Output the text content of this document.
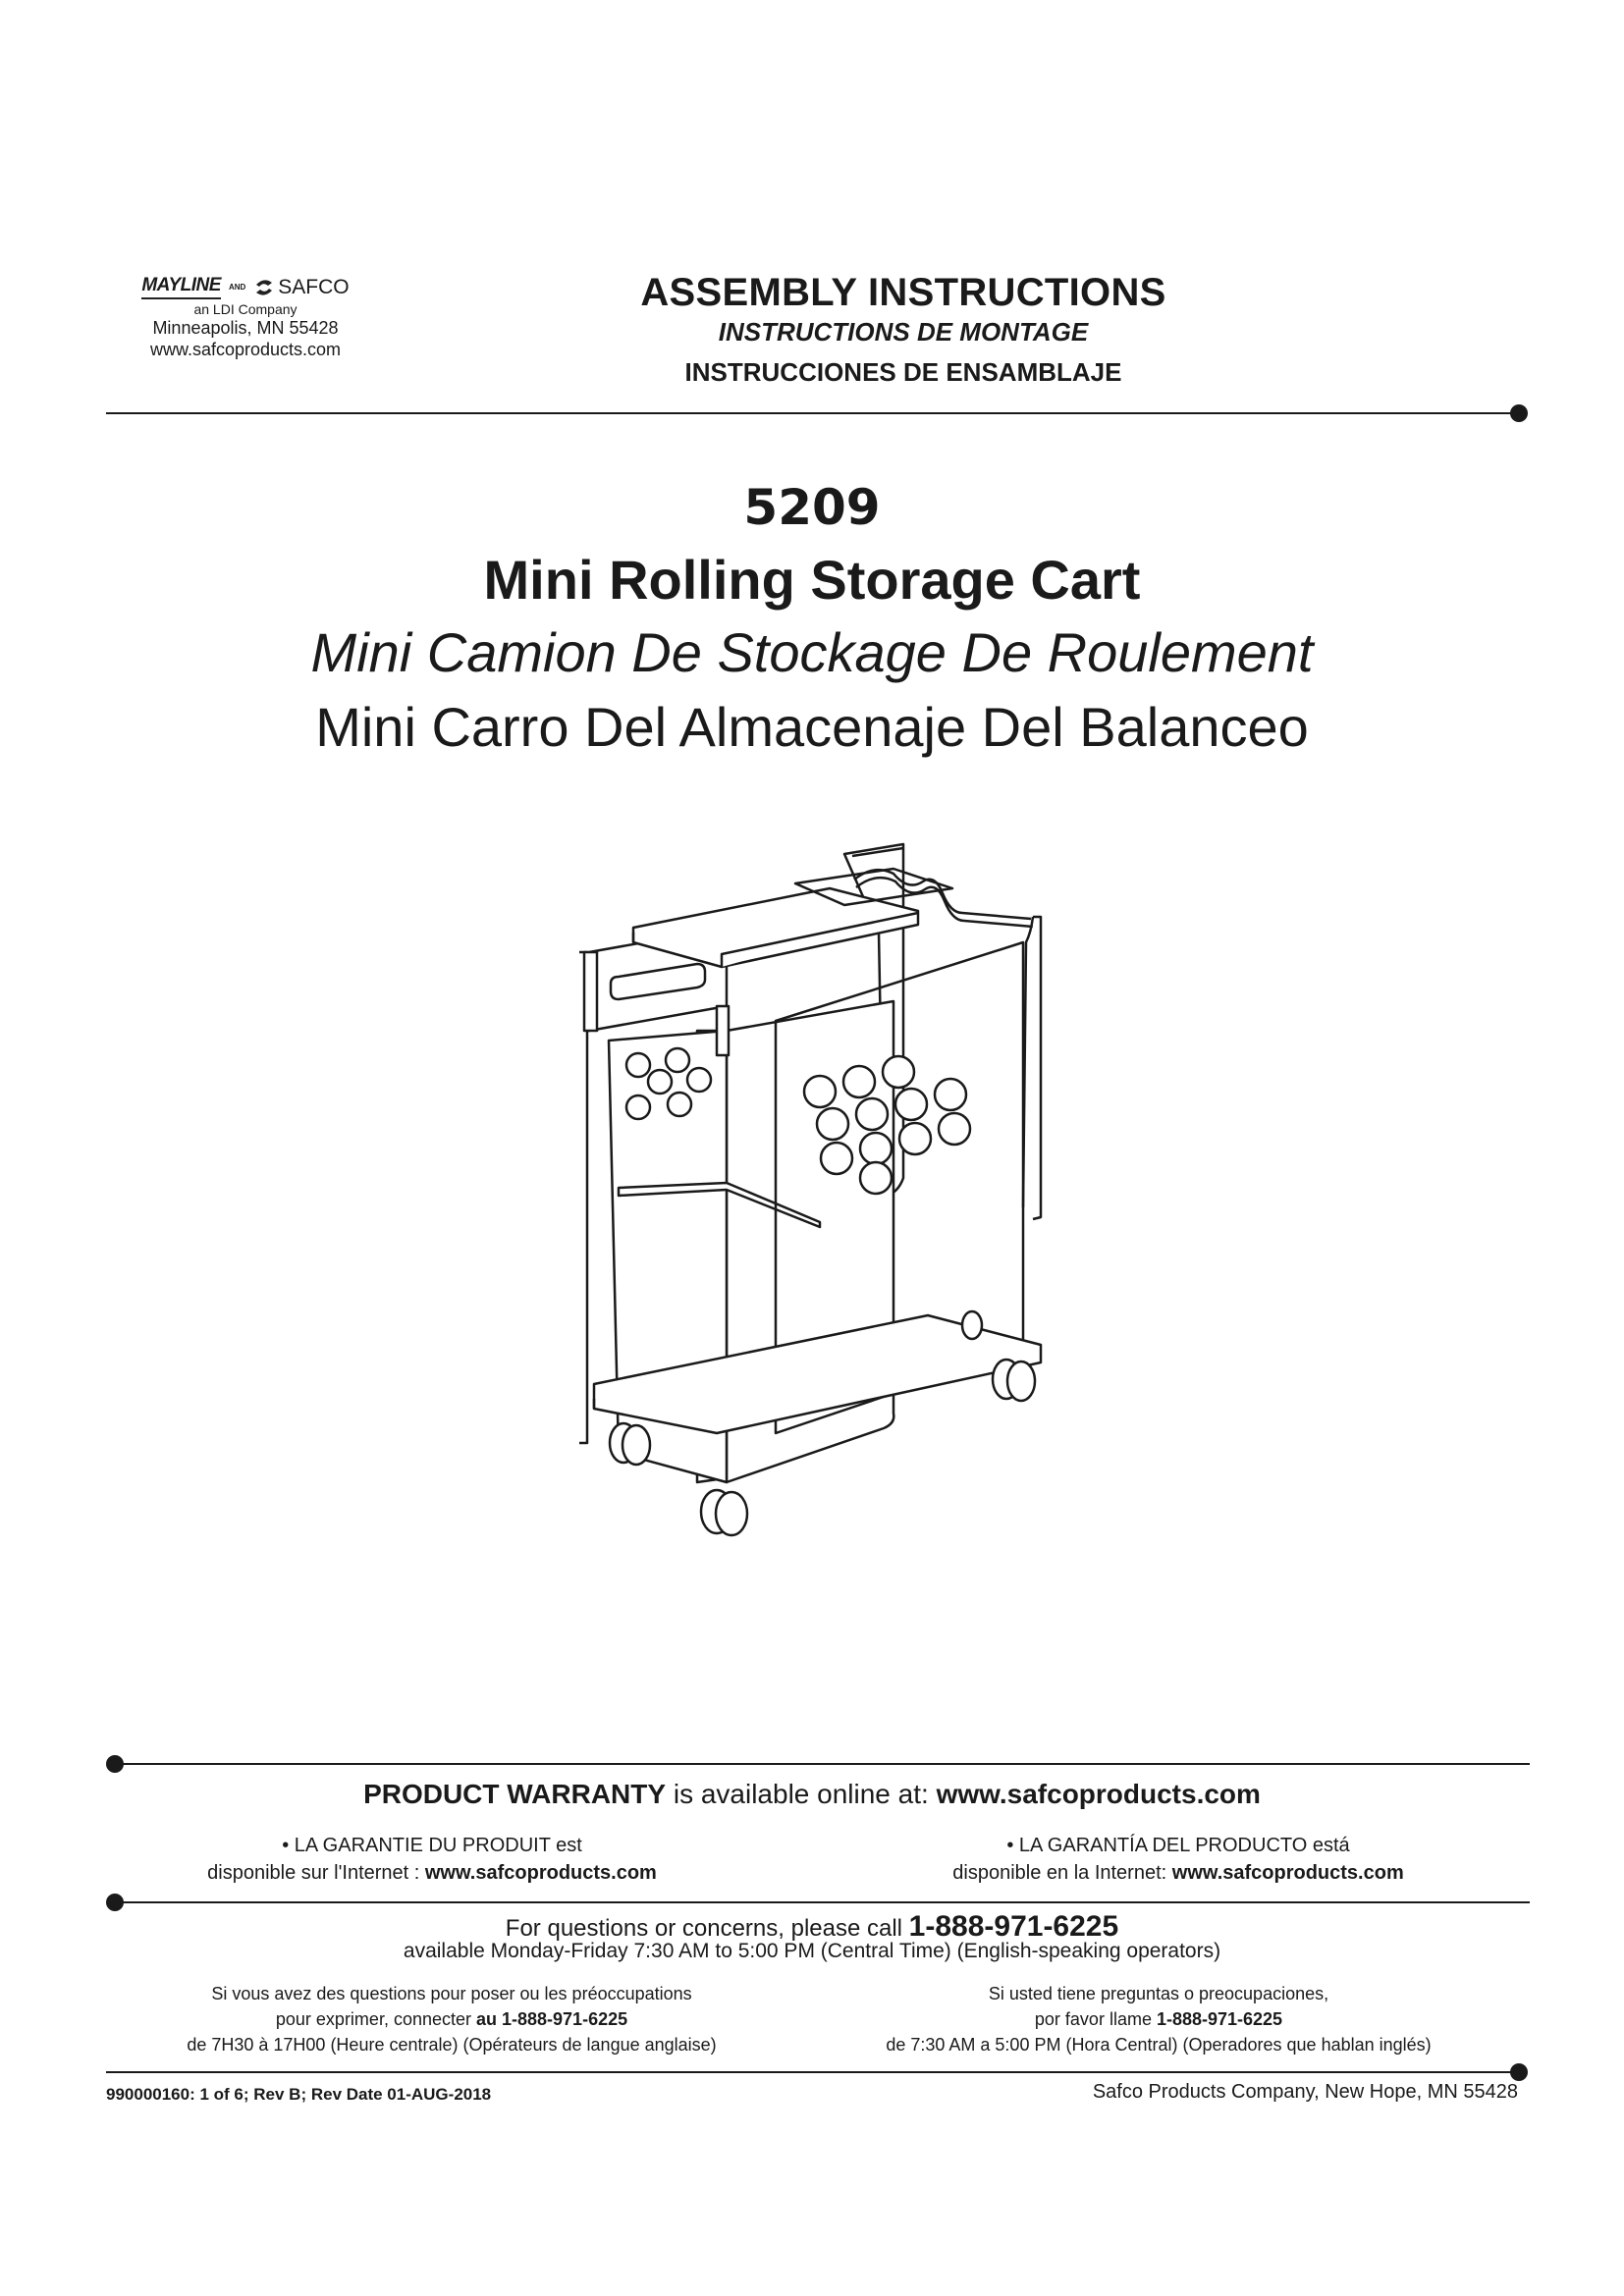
MAYLINE AND SAFCO
an LDI Company
Minneapolis, MN 55428
www.safcoproducts.com
ASSEMBLY INSTRUCTIONS
INSTRUCTIONS DE MONTAGE
INSTRUCCIONES DE ENSAMBLAJE
5209
Mini Rolling Storage Cart
Mini Camion De Stockage De Roulement
Mini Carro Del Almacenaje Del Balanceo
PRODUCT WARRANTY is available online at: www.safcoproducts.com
• LA GARANTIE DU PRODUIT est
disponible sur l'Internet : www.safcoproducts.com
• LA GARANTÍA DEL PRODUCTO está
disponible en la Internet: www.safcoproducts.com
For questions or concerns, please call 1-888-971-6225
available Monday-Friday 7:30 AM to 5:00 PM (Central Time) (English-speaking operators)
Si vous avez des questions pour poser ou les préoccupations
pour exprimer, connecter au 1-888-971-6225
de 7H30 à 17H00 (Heure centrale) (Opérateurs de langue anglaise)
Si usted tiene preguntas o preocupaciones,
por favor llame 1-888-971-6225
de 7:30 AM a 5:00 PM (Hora Central) (Operadores que hablan inglés)
990000160: 1 of 6; Rev B; Rev Date 01-AUG-2018	Safco Products Company, New Hope, MN 55428
